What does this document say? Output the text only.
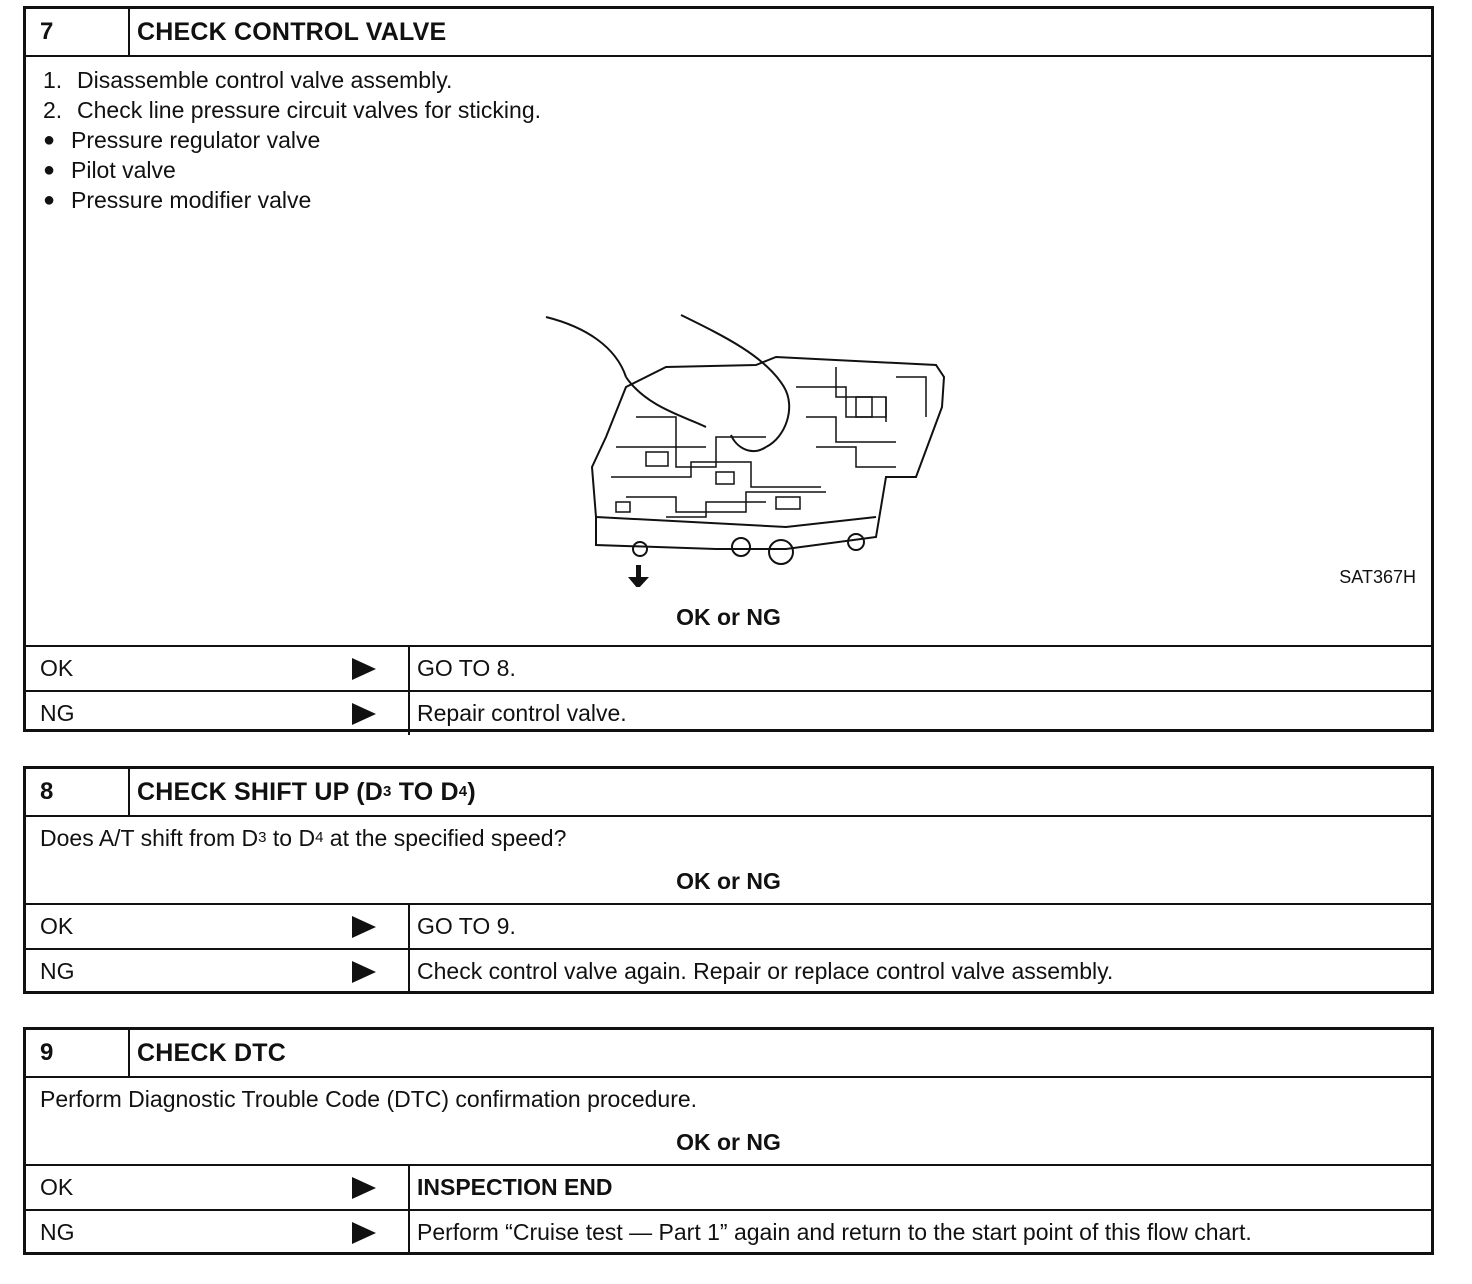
7	CHECK CONTROL VALVE
1. Disassemble control valve assembly.
2. Check line pressure circuit valves for sticking.
● Pressure regulator valve
● Pilot valve
● Pressure modifier valve
SAT367H
OK or NG
OK	GO TO 8.
NG	Repair control valve.
8	CHECK SHIFT UP (D 3 TO D 4 )
Does A/T shift from D 3 to D 4 at the specified speed?
OK or NG
OK	GO TO 9.
NG	Check control valve again. Repair or replace control valve assembly.
9	CHECK DTC
Perform Diagnostic Trouble Code (DTC) confirmation procedure.
OK or NG
OK	INSPECTION END
NG	Perform “Cruise test — Part 1” again and return to the start point of this flow chart.
